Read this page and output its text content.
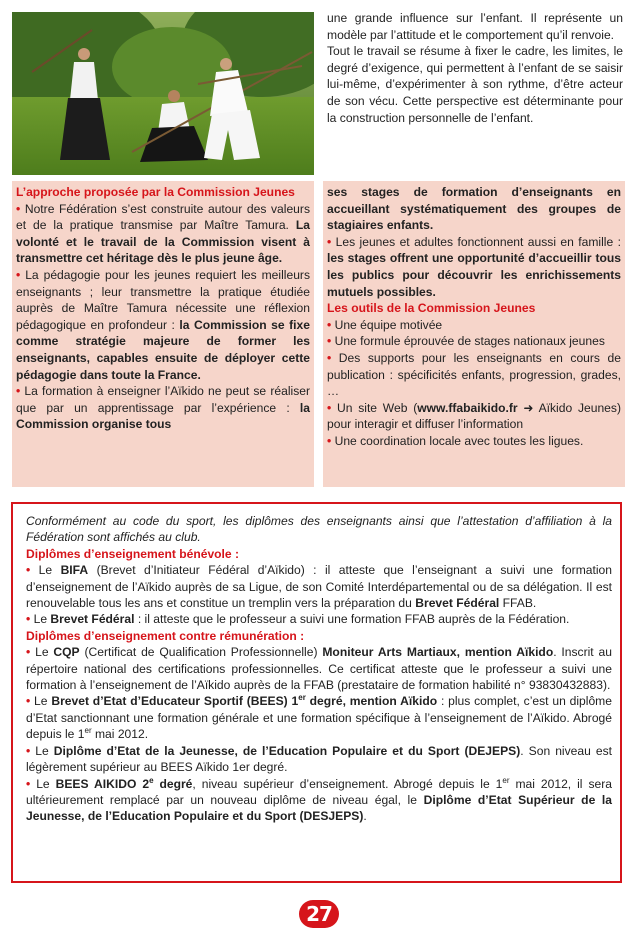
une grande influence sur l’enfant. Il représente un modèle par l’attitude et le comportement qu’il renvoie.

Tout le travail se résume à fixer le cadre, les limites, le degré d’exigence, qui permettent à l’enfant de se saisir lui-même, d’expérimenter à son rythme, d’être acteur de son vécu. Cette perspective est déterminante pour la construction personnelle de l’enfant.

L’approche proposée par la Commission Jeunes

• Notre Fédération s’est construite autour des valeurs et de la pratique transmise par Maître Tamura. La volonté et le travail de la Commission visent à transmettre cet héritage dès le plus jeune âge.

• La pédagogie pour les jeunes requiert les meilleurs enseignants ; leur transmettre la pratique étudiée auprès de Maître Tamura nécessite une réflexion pédagogique en profondeur : la Commission se fixe comme stratégie majeure de former les enseignants, capables ensuite de déployer cette pédagogie dans toute la France.

• La formation à enseigner l’Aïkido ne peut se réaliser que par un apprentissage par l’expérience : la Commission organise tous

ses stages de formation d’enseignants en accueillant systématiquement des groupes de stagiaires enfants.

• Les jeunes et adultes fonctionnent aussi en famille : les stages offrent une opportunité d’accueillir tous les publics pour découvrir les enrichissements mutuels possibles.

Les outils de la Commission Jeunes

• Une équipe motivée

• Une formule éprouvée de stages nationaux jeunes

• Des supports pour les enseignants en cours de publication : spécificités enfants, progression, grades, …

• Un site Web (www.ffabaikido.fr ➜ Aïkido Jeunes) pour interagir et diffuser l’information

• Une coordination locale avec toutes les ligues.

Conformément au code du sport, les diplômes des enseignants ainsi que l’attestation d’affiliation à la Fédération sont affichés au club.

Diplômes d’enseignement bénévole :

• Le BIFA (Brevet d’Initiateur Fédéral d’Aïkido) : il atteste que l’enseignant a suivi une formation d’enseignement de l’Aïkido auprès de sa Ligue, de son Comité Interdépartemental ou de sa délégation. Il est renouvelable tous les ans et constitue un tremplin vers la préparation du Brevet Fédéral FFAB.

• Le Brevet Fédéral : il atteste que le professeur a suivi une formation FFAB auprès de la Fédération.

Diplômes d’enseignement contre rémunération :

• Le CQP (Certificat de Qualification Professionnelle) Moniteur Arts Martiaux, mention Aïkido. Inscrit au répertoire national des certifications professionnelles. Ce certificat atteste que le professeur a suivi une formation à l’enseignement de l’Aïkido auprès de la FFAB (prestataire de formation habilité n° 93830432883).

• Le Brevet d’Etat d’Educateur Sportif (BEES) 1er degré, mention Aïkido : plus complet, c’est un diplôme d’Etat sanctionnant une formation générale et une formation spécifique à l’enseignement de l’Aïkido. Abrogé depuis le 1er mai 2012.

• Le Diplôme d’Etat de la Jeunesse, de l’Education Populaire et du Sport (DEJEPS). Son niveau est légèrement supérieur au BEES Aïkido 1er degré.

• Le BEES AIKIDO 2e degré, niveau supérieur d’enseignement. Abrogé depuis le 1er mai 2012, il sera ultérieurement remplacé par un nouveau diplôme de niveau égal, le Diplôme d’Etat Supérieur de la Jeunesse, de l’Education Populaire et du Sport (DESJEPS).

27
